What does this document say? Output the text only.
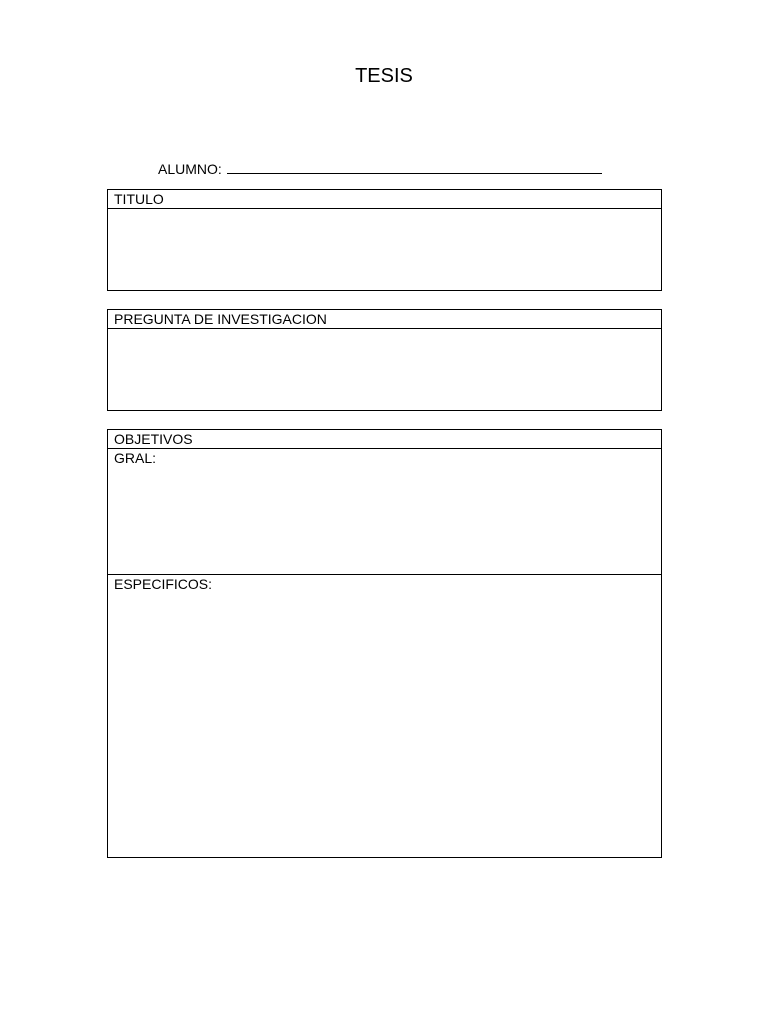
TESIS
ALUMNO:
TITULO
PREGUNTA DE INVESTIGACION
OBJETIVOS
GRAL:
ESPECIFICOS:
